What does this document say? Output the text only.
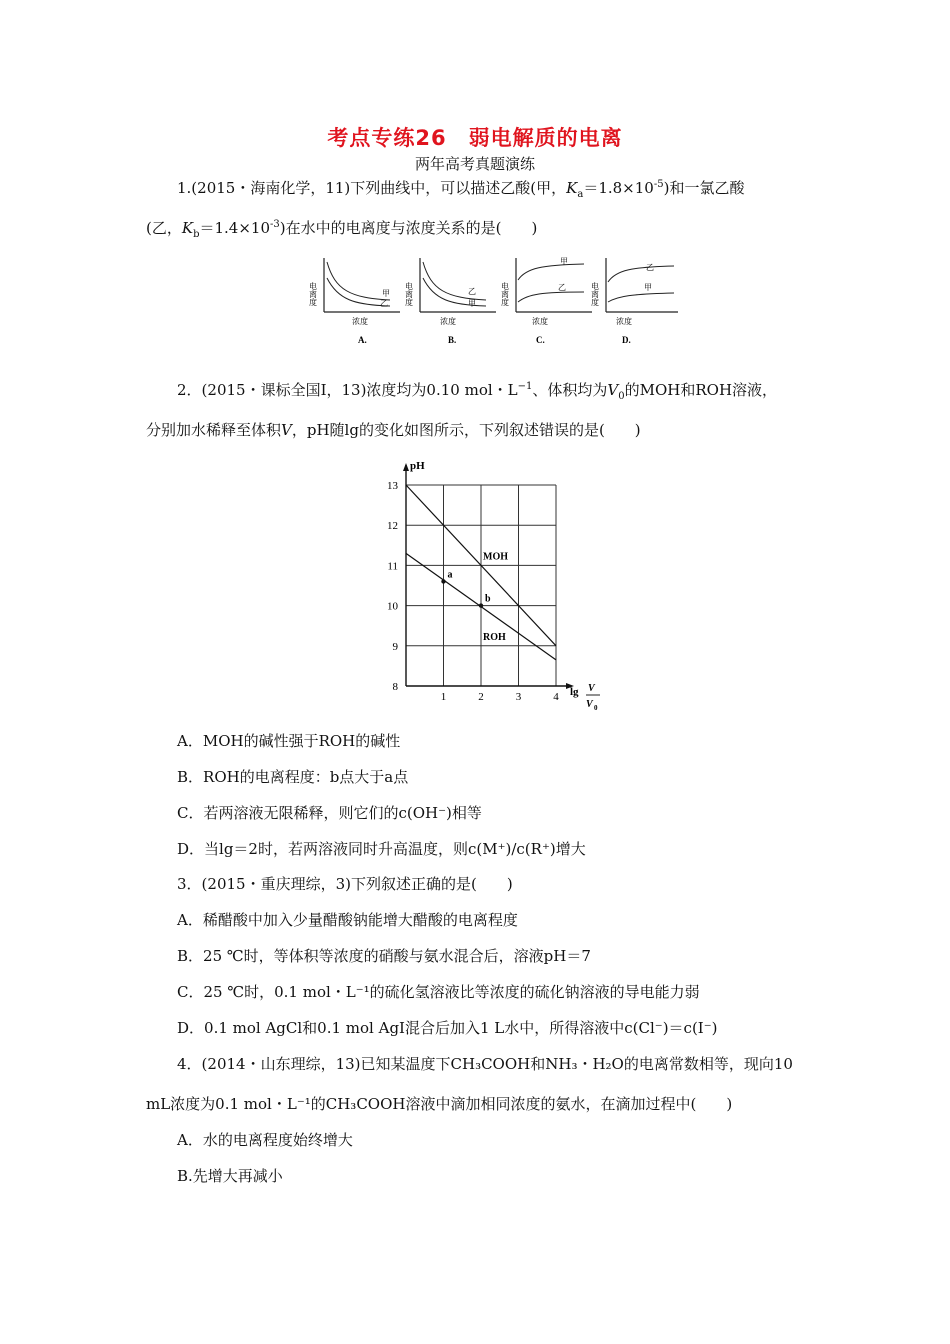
考点专练26　弱电解质的电离
两年高考真题演练
1.(2015・海南化学，11)下列曲线中，可以描述乙酸(甲，$K_a=1.8\times 10^{-5}$)和一氯乙酸
(乙，$K_b=1.4\times 10^{-3}$)在水中的电离度与浓度关系的是(　　)
电离度	甲
乙
浓度
A.
电离度	乙
甲
浓度
B.
电离度
甲
乙
浓度
C.
电离度
乙
甲
浓度
D.
2．(2015・课标全国Ⅰ，13)浓度均为0.10 mol・$L^{-1}$、体积均为$V_0$的MOH和ROH溶液，
分别加水稀释至体积V，pH随lg的变化如图所示，下列叙述错误的是(　　)
8
9
10
11
12
13
1	2	3	4
MOH
ROH
a
b
pH
lg V
V 0
A．MOH的碱性强于ROH的碱性
B．ROH的电离程度：b点大于a点
C．若两溶液无限稀释，则它们的c(OH⁻)相等
D．当lg＝2时，若两溶液同时升高温度，则c(M⁺)/c(R⁺)增大
3．(2015・重庆理综，3)下列叙述正确的是(　　)
A．稀醋酸中加入少量醋酸钠能增大醋酸的电离程度
B．25 ℃时，等体积等浓度的硝酸与氨水混合后，溶液pH＝7
C．25 ℃时，0.1 mol・L⁻¹的硫化氢溶液比等浓度的硫化钠溶液的导电能力弱
D．0.1 mol AgCl和0.1 mol AgI混合后加入1 L水中，所得溶液中c(Cl⁻)＝c(I⁻)
4．(2014・山东理综，13)已知某温度下CH₃COOH和NH₃・H₂O的电离常数相等，现向10
mL浓度为0.1 mol・L⁻¹的CH₃COOH溶液中滴加相同浓度的氨水，在滴加过程中(　　)
A．水的电离程度始终增大
B.先增大再减小
